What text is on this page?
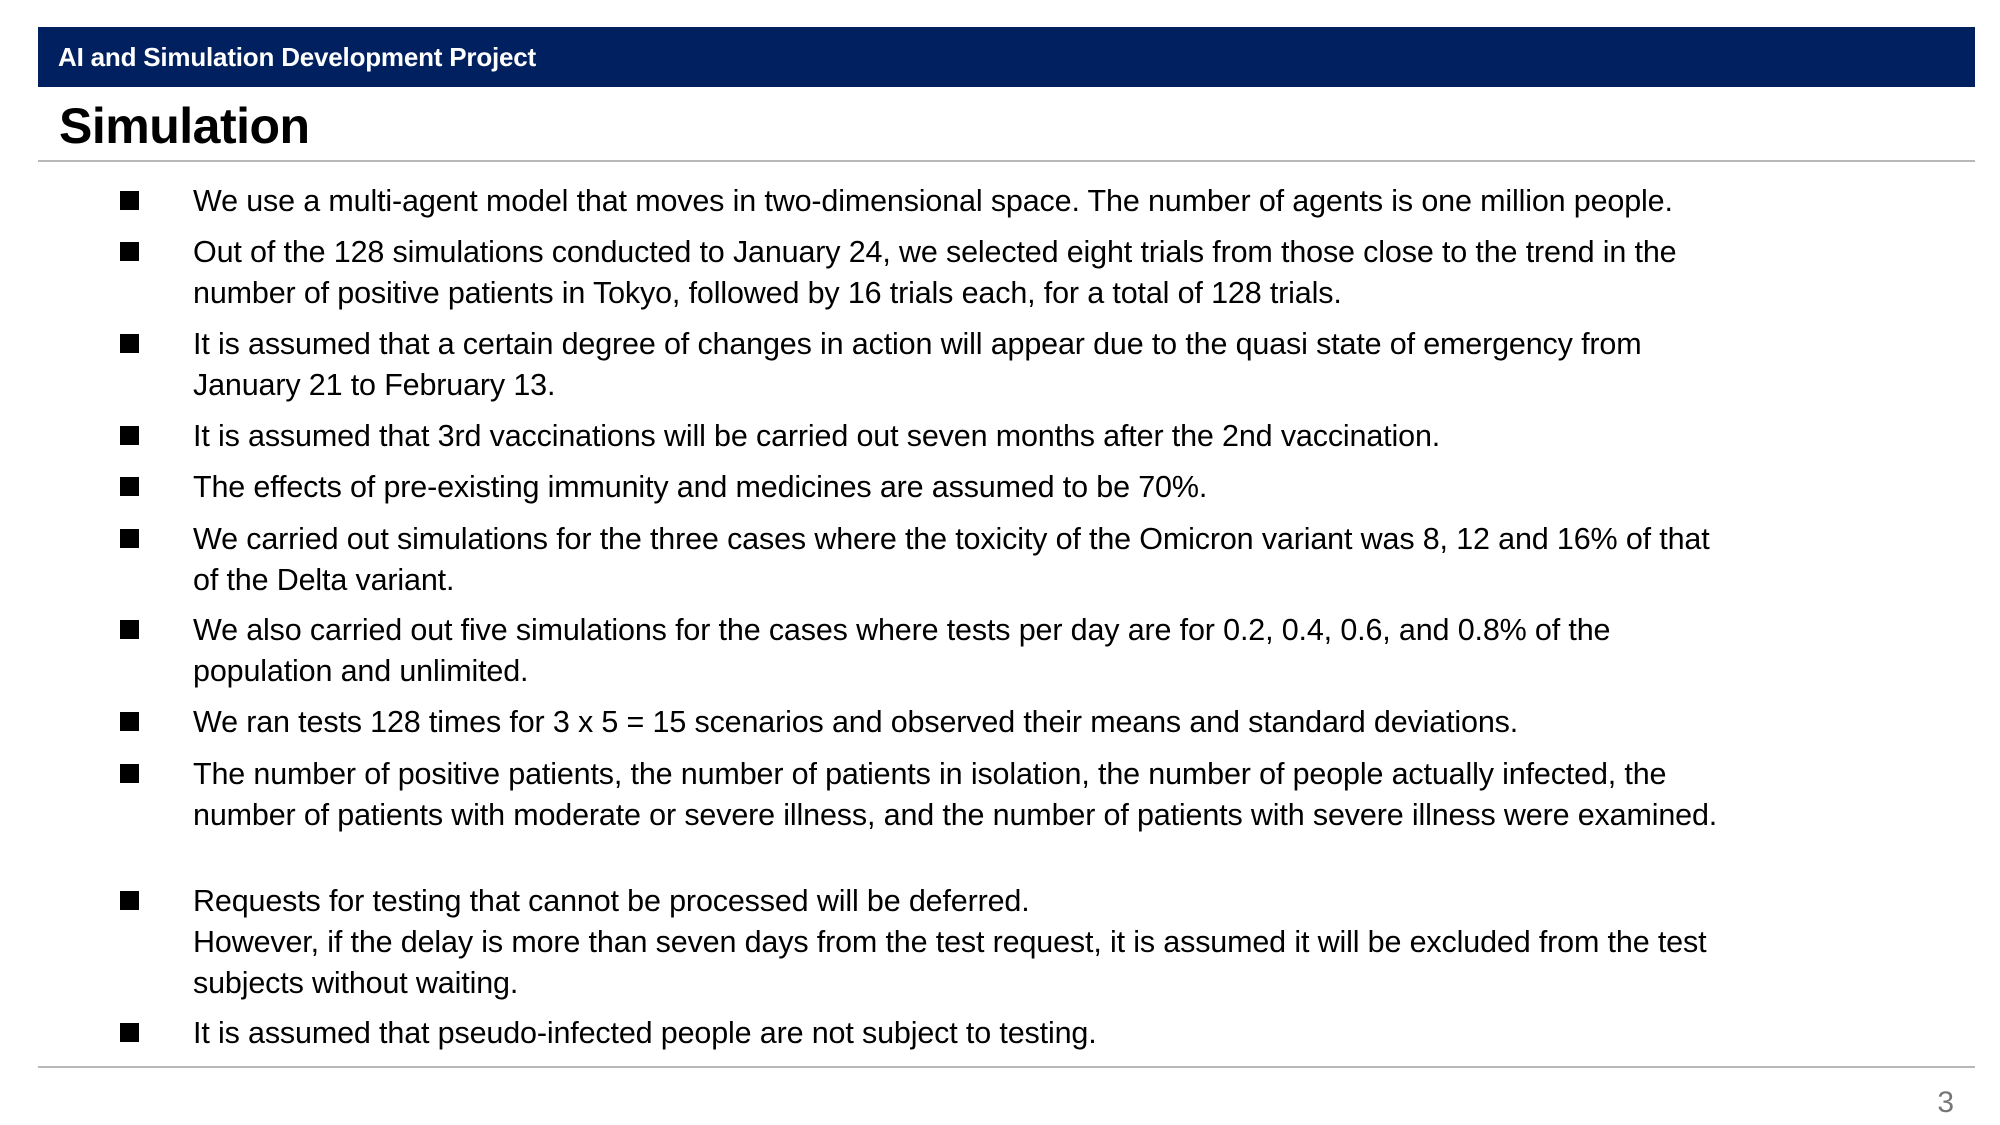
AI and Simulation Development Project
Simulation
We use a multi-agent model that moves in two-dimensional space. The number of agents is one million people.
Out of the 128 simulations conducted to January 24, we selected eight trials from those close to the trend in the
number of positive patients in Tokyo, followed by 16 trials each, for a total of 128 trials.
It is assumed that a certain degree of changes in action will appear due to the quasi state of emergency from
January 21 to February 13.
It is assumed that 3rd vaccinations will be carried out seven months after the 2nd vaccination.
The effects of pre-existing immunity and medicines are assumed to be 70%.
We carried out simulations for the three cases where the toxicity of the Omicron variant was 8, 12 and 16% of that
of the Delta variant.
We also carried out five simulations for the cases where tests per day are for 0.2, 0.4, 0.6, and 0.8% of the
population and unlimited.
We ran tests 128 times for 3 x 5 = 15 scenarios and observed their means and standard deviations.
The number of positive patients, the number of patients in isolation, the number of people actually infected, the
number of patients with moderate or severe illness, and the number of patients with severe illness were examined.
Requests for testing that cannot be processed will be deferred.
However, if the delay is more than seven days from the test request, it is assumed it will be excluded from the test
subjects without waiting.
It is assumed that pseudo-infected people are not subject to testing.
3
